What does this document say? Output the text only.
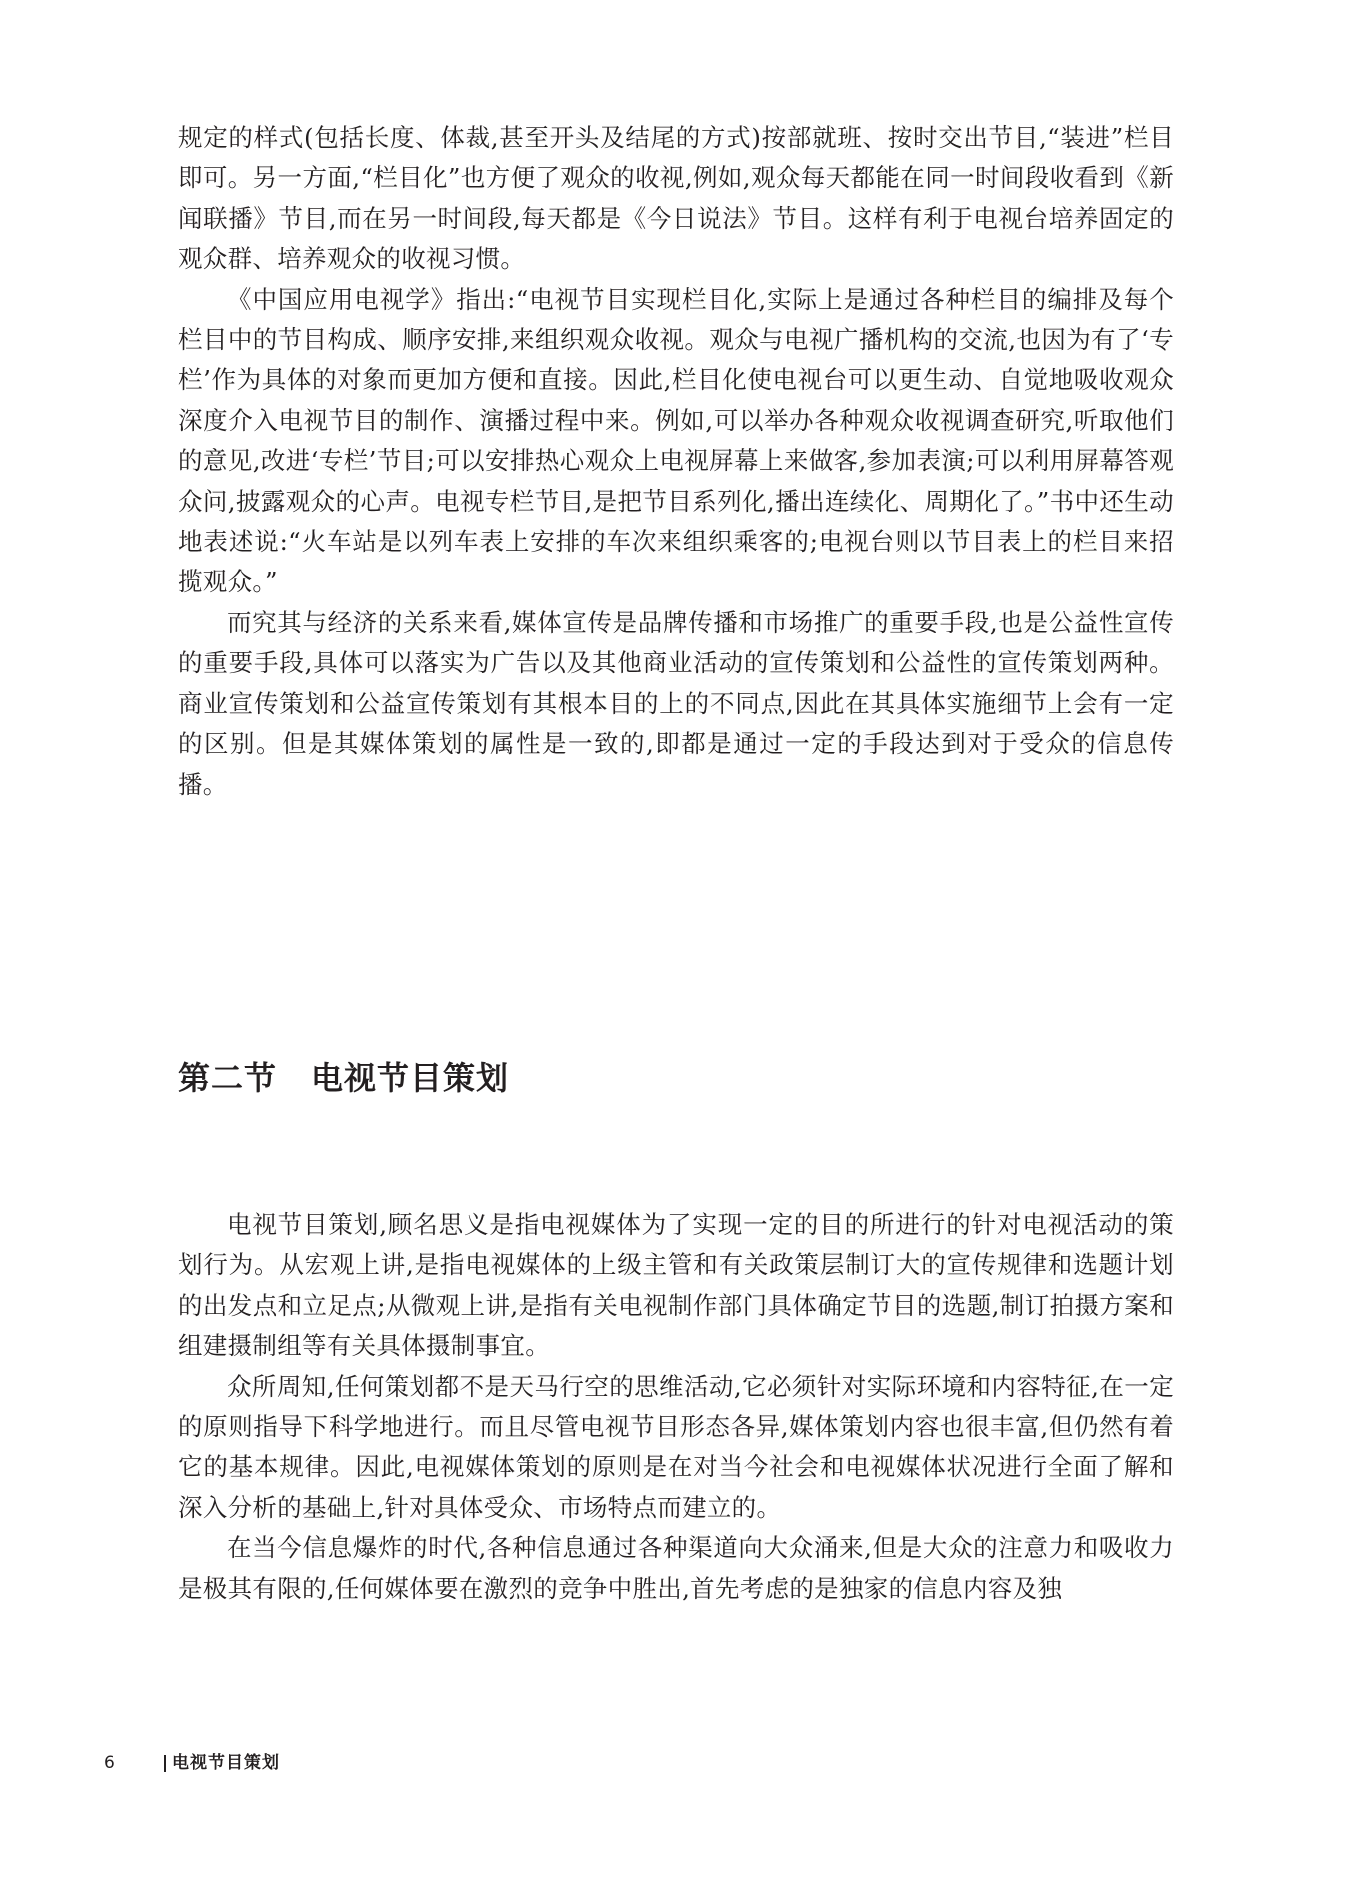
规定的样式(包括长度、体裁,甚至开头及结尾的方式)按部就班、按时交出节目,“装进”栏目即可。另一方面,“栏目化”也方便了观众的收视,例如,观众每天都能在同一时间段收看到《新闻联播》节目,而在另一时间段,每天都是《今日说法》节目。这样有利于电视台培养固定的观众群、培养观众的收视习惯。

《中国应用电视学》指出:“电视节目实现栏目化,实际上是通过各种栏目的编排及每个栏目中的节目构成、顺序安排,来组织观众收视。观众与电视广播机构的交流,也因为有了‘专栏’作为具体的对象而更加方便和直接。因此,栏目化使电视台可以更生动、自觉地吸收观众深度介入电视节目的制作、演播过程中来。例如,可以举办各种观众收视调查研究,听取他们的意见,改进‘专栏’节目;可以安排热心观众上电视屏幕上来做客,参加表演;可以利用屏幕答观众问,披露观众的心声。电视专栏节目,是把节目系列化,播出连续化、周期化了。”书中还生动地表述说:“火车站是以列车表上安排的车次来组织乘客的;电视台则以节目表上的栏目来招揽观众。”

而究其与经济的关系来看,媒体宣传是品牌传播和市场推广的重要手段,也是公益性宣传的重要手段,具体可以落实为广告以及其他商业活动的宣传策划和公益性的宣传策划两种。商业宣传策划和公益宣传策划有其根本目的上的不同点,因此在其具体实施细节上会有一定的区别。但是其媒体策划的属性是一致的,即都是通过一定的手段达到对于受众的信息传播。

第二节 电视节目策划

电视节目策划,顾名思义是指电视媒体为了实现一定的目的所进行的针对电视活动的策划行为。从宏观上讲,是指电视媒体的上级主管和有关政策层制订大的宣传规律和选题计划的出发点和立足点;从微观上讲,是指有关电视制作部门具体确定节目的选题,制订拍摄方案和组建摄制组等有关具体摄制事宜。

众所周知,任何策划都不是天马行空的思维活动,它必须针对实际环境和内容特征,在一定的原则指导下科学地进行。而且尽管电视节目形态各异,媒体策划内容也很丰富,但仍然有着它的基本规律。因此,电视媒体策划的原则是在对当今社会和电视媒体状况进行全面了解和深入分析的基础上,针对具体受众、市场特点而建立的。

在当今信息爆炸的时代,各种信息通过各种渠道向大众涌来,但是大众的注意力和吸收力是极其有限的,任何媒体要在激烈的竞争中胜出,首先考虑的是独家的信息内容及独

6	电视节目策划
